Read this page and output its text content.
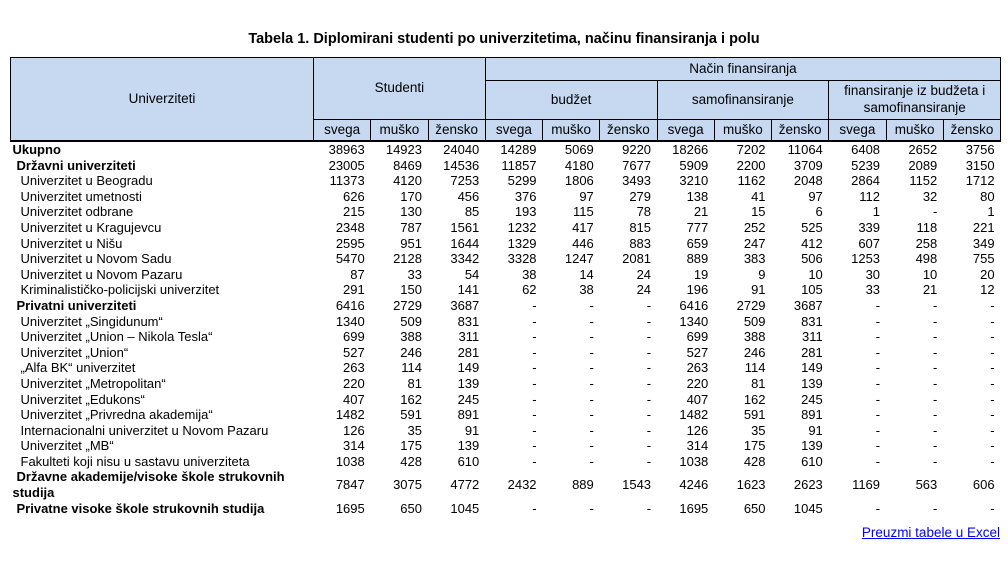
Tabela 1. Diplomirani studenti po univerzitetima, načinu finansiranja i polu
Univerziteti	Studenti			Način finansiranja								
				budžet			samofinansiranje			finansiranje iz budžeta i samofinansiranje		
	svega	muško	žensko	svega	muško	žensko	svega	muško	žensko	svega	muško	žensko
Ukupno	38963	14923	24040	14289	5069	9220	18266	7202	11064	6408	2652	3756
Državni univerziteti	23005	8469	14536	11857	4180	7677	5909	2200	3709	5239	2089	3150
Univerzitet u Beogradu	11373	4120	7253	5299	1806	3493	3210	1162	2048	2864	1152	1712
Univerzitet umetnosti	626	170	456	376	97	279	138	41	97	112	32	80
Univerzitet odbrane	215	130	85	193	115	78	21	15	6	1	-	1
Univerzitet u Kragujevcu	2348	787	1561	1232	417	815	777	252	525	339	118	221
Univerzitet u Nišu	2595	951	1644	1329	446	883	659	247	412	607	258	349
Univerzitet u Novom Sadu	5470	2128	3342	3328	1247	2081	889	383	506	1253	498	755
Univerzitet u Novom Pazaru	87	33	54	38	14	24	19	9	10	30	10	20
Kriminalističko-policijski univerzitet	291	150	141	62	38	24	196	91	105	33	21	12
Privatni univerziteti	6416	2729	3687	-	-	-	6416	2729	3687	-	-	-
Univerzitet „Singidunum“	1340	509	831	-	-	-	1340	509	831	-	-	-
Univerzitet „Union – Nikola Tesla“	699	388	311	-	-	-	699	388	311	-	-	-
Univerzitet „Union“	527	246	281	-	-	-	527	246	281	-	-	-
„Alfa BK“ univerzitet	263	114	149	-	-	-	263	114	149	-	-	-
Univerzitet „Metropolitan“	220	81	139	-	-	-	220	81	139	-	-	-
Univerzitet „Edukons“	407	162	245	-	-	-	407	162	245	-	-	-
Univerzitet „Privredna akademija“	1482	591	891	-	-	-	1482	591	891	-	-	-
Internacionalni univerzitet u Novom Pazaru	126	35	91	-	-	-	126	35	91	-	-	-
Univerzitet „MB“	314	175	139	-	-	-	314	175	139	-	-	-
Fakulteti koji nisu u sastavu univerziteta	1038	428	610	-	-	-	1038	428	610	-	-	-
Državne akademije/visoke škole strukovnih studija	7847	3075	4772	2432	889	1543	4246	1623	2623	1169	563	606
Privatne visoke škole strukovnih studija	1695	650	1045	-	-	-	1695	650	1045	-	-	-
Preuzmi tabele u Excel
